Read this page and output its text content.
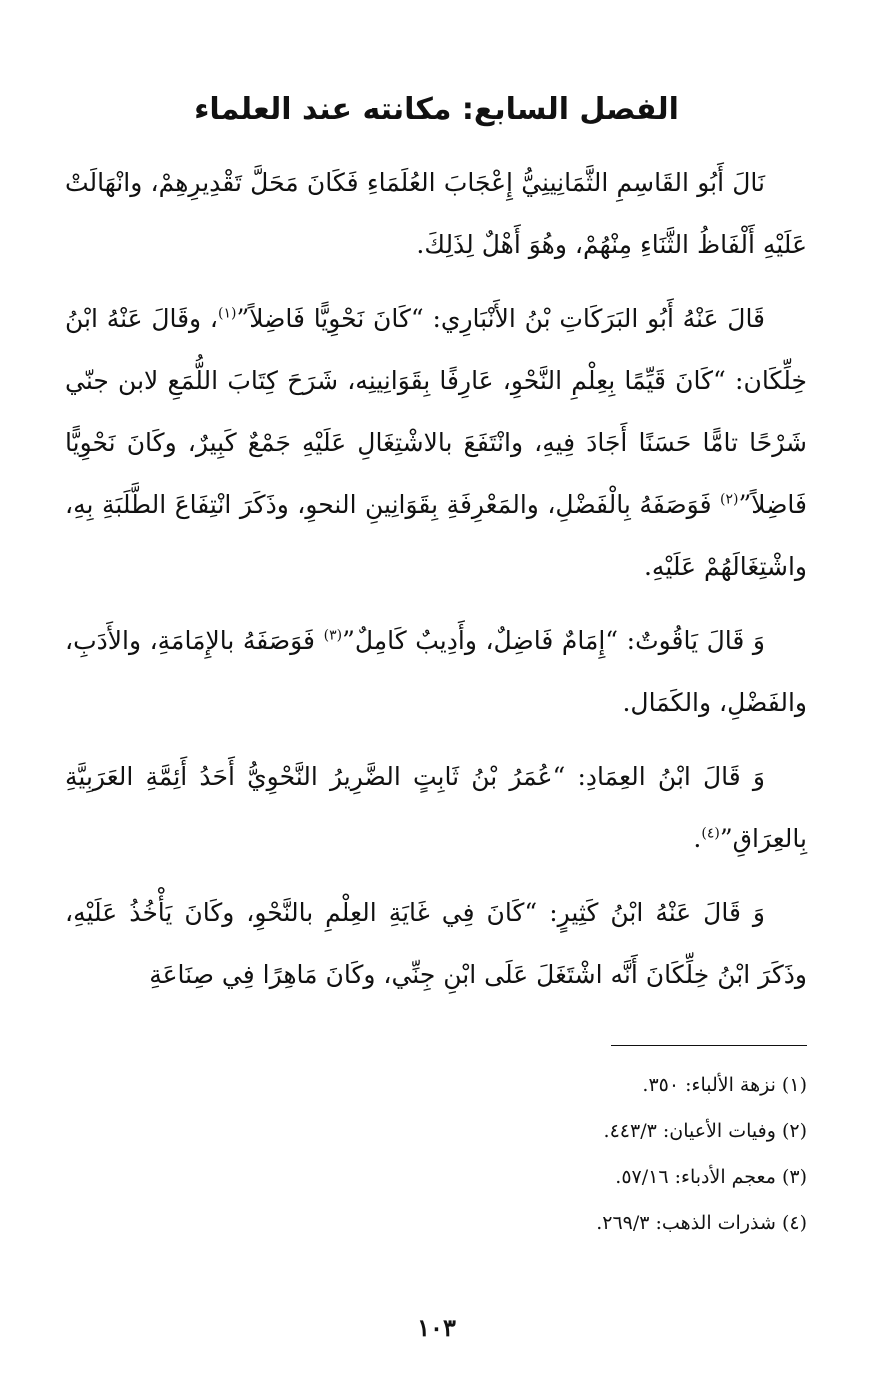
الفصل السابع: مكانته عند العلماء

نَالَ أَبُو القَاسِمِ الثَّمَانِينِيُّ إِعْجَابَ العُلَمَاءِ فَكَانَ مَحَلَّ تَقْدِيرِهِمْ، وانْهَالَتْ عَلَيْهِ أَلْفَاظُ الثَّنَاءِ مِنْهُمْ، وهُوَ أَهْلٌ لِذَلِكَ.

قَالَ عَنْهُ أَبُو البَرَكَاتِ بْنُ الأَنْبَارِي: “كَانَ نَحْوِيًّا فَاضِلاً”$^{(١)}$، وقَالَ عَنْهُ ابْنُ خِلِّكَان: “كَانَ قَيِّمًا بِعِلْمِ النَّحْوِ، عَارِفًا بِقَوَانِينِه، شَرَحَ كِتَابَ اللُّمَعِ لابن جنّي شَرْحًا تامًّا حَسَنًا أَجَادَ فِيهِ، وانْتَفَعَ بالاشْتِغَالِ عَلَيْهِ جَمْعٌ كَبِيرٌ، وكَانَ نَحْوِيًّا فَاضِلاً”$^{(٢)}$ فَوَصَفَهُ بِالْفَضْلِ، والمَعْرِفَةِ بِقَوَانِينِ النحوِ، وذَكَرَ انْتِفَاعَ الطَّلَبَةِ بِهِ، واشْتِغَالَهُمْ عَلَيْهِ.

وَ قَالَ يَاقُوتٌ: “إِمَامٌ فَاضِلٌ، وأَدِيبٌ كَامِلٌ”$^{(٣)}$ فَوَصَفَهُ بالإِمَامَةِ، والأَدَبِ، والفَضْلِ، والكَمَال.

وَ قَالَ ابْنُ العِمَادِ: “عُمَرُ بْنُ ثَابِتٍ الضَّرِيرُ النَّحْوِيُّ أَحَدُ أَئِمَّةِ العَرَبِيَّةِ بِالعِرَاقِ”$^{(٤)}$.

وَ قَالَ عَنْهُ ابْنُ كَثِيرٍ: “كَانَ فِي غَايَةِ العِلْمِ بالنَّحْوِ، وكَانَ يَأْخُذُ عَلَيْهِ، وذَكَرَ ابْنُ خِلِّكَانَ أَنَّه اشْتَغَلَ عَلَى ابْنِ جِنِّي، وكَانَ مَاهِرًا فِي صِنَاعَةِ

(١) نزهة الألباء: ٣٥٠.
(٢) وفيات الأعيان: ٤٤٣/٣.
(٣) معجم الأدباء: ٥٧/١٦.
(٤) شذرات الذهب: ٢٦٩/٣.
١٠٣
